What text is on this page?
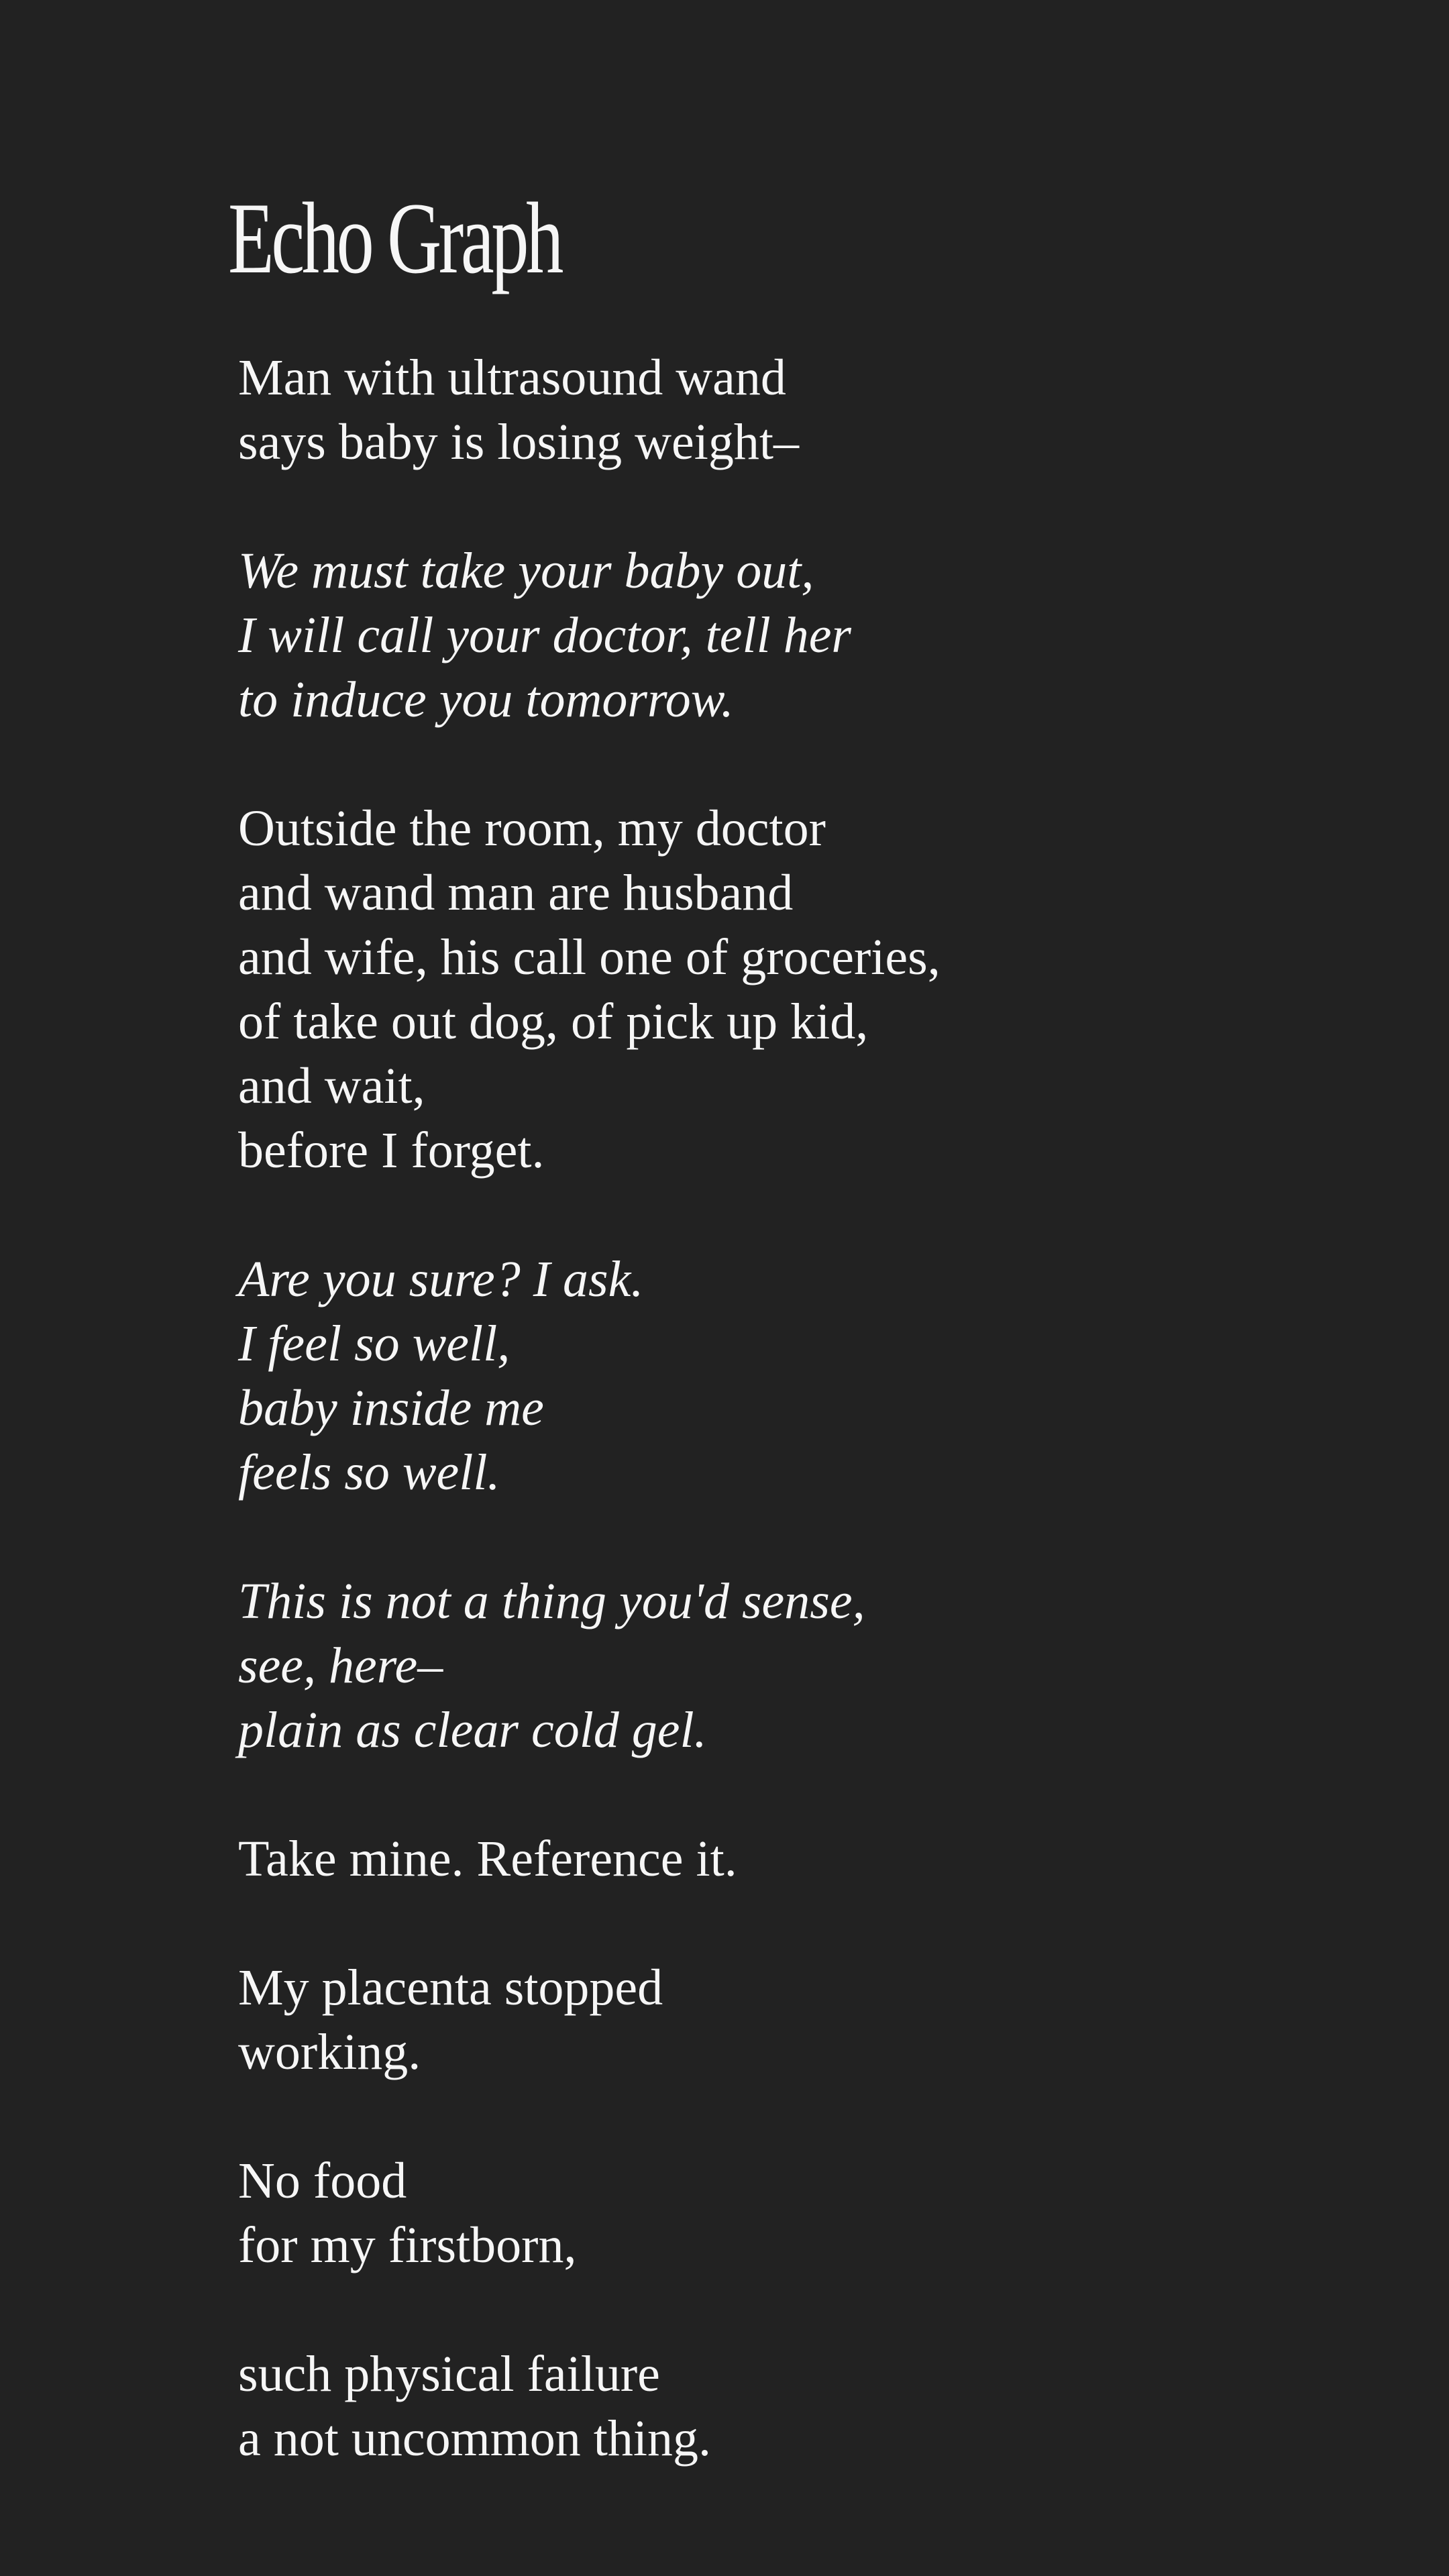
Echo Graph
Man with ultrasound wand
says baby is losing weight–
We must take your baby out,
I will call your doctor, tell her
to induce you tomorrow.
Outside the room, my doctor
and wand man are husband
and wife, his call one of groceries,
of take out dog, of pick up kid,
and wait,
before I forget.
Are you sure? I ask.
I feel so well,
baby inside me
feels so well.
This is not a thing you'd sense,
see, here–
plain as clear cold gel.
Take mine. Reference it.
My placenta stopped
working.
No food
for my firstborn,
such physical failure
a not uncommon thing.
